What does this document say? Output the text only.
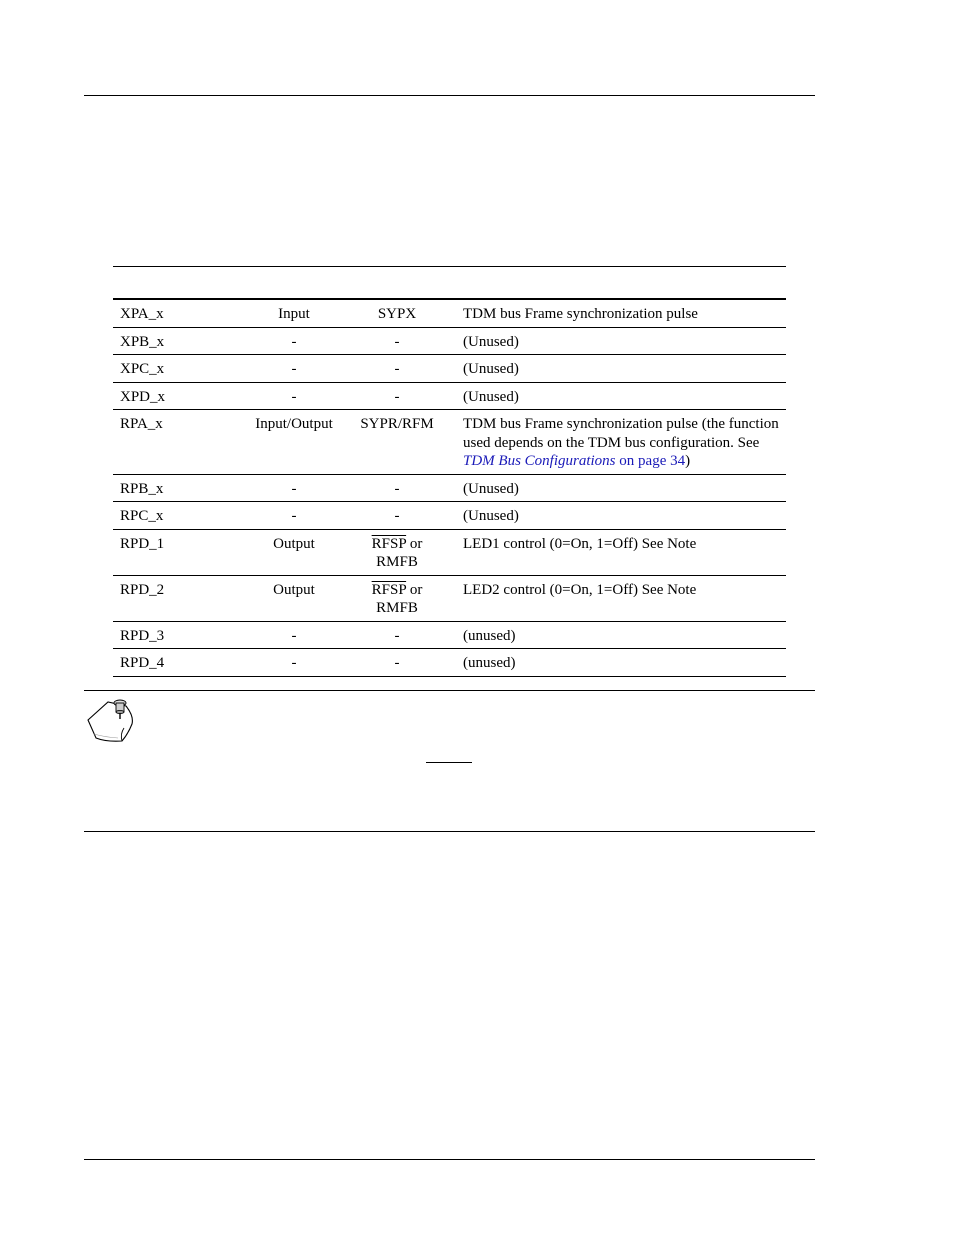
XPA_x	Input	SYPX	TDM bus Frame synchronization pulse
XPB_x	-	-	(Unused)
XPC_x	-	-	(Unused)
XPD_x	-	-	(Unused)
RPA_x	Input/Output	SYPR/RFM	TDM bus Frame synchronization pulse (the function used depends on the TDM bus configuration. See TDM Bus Configurations on page 34)
RPB_x	-	-	(Unused)
RPC_x	-	-	(Unused)
RPD_1	Output	RFSP or RMFB	LED1 control (0=On, 1=Off) See Note
RPD_2	Output	RFSP or RMFB	LED2 control (0=On, 1=Off) See Note
RPD_3	-	-	(unused)
RPD_4	-	-	(unused)
